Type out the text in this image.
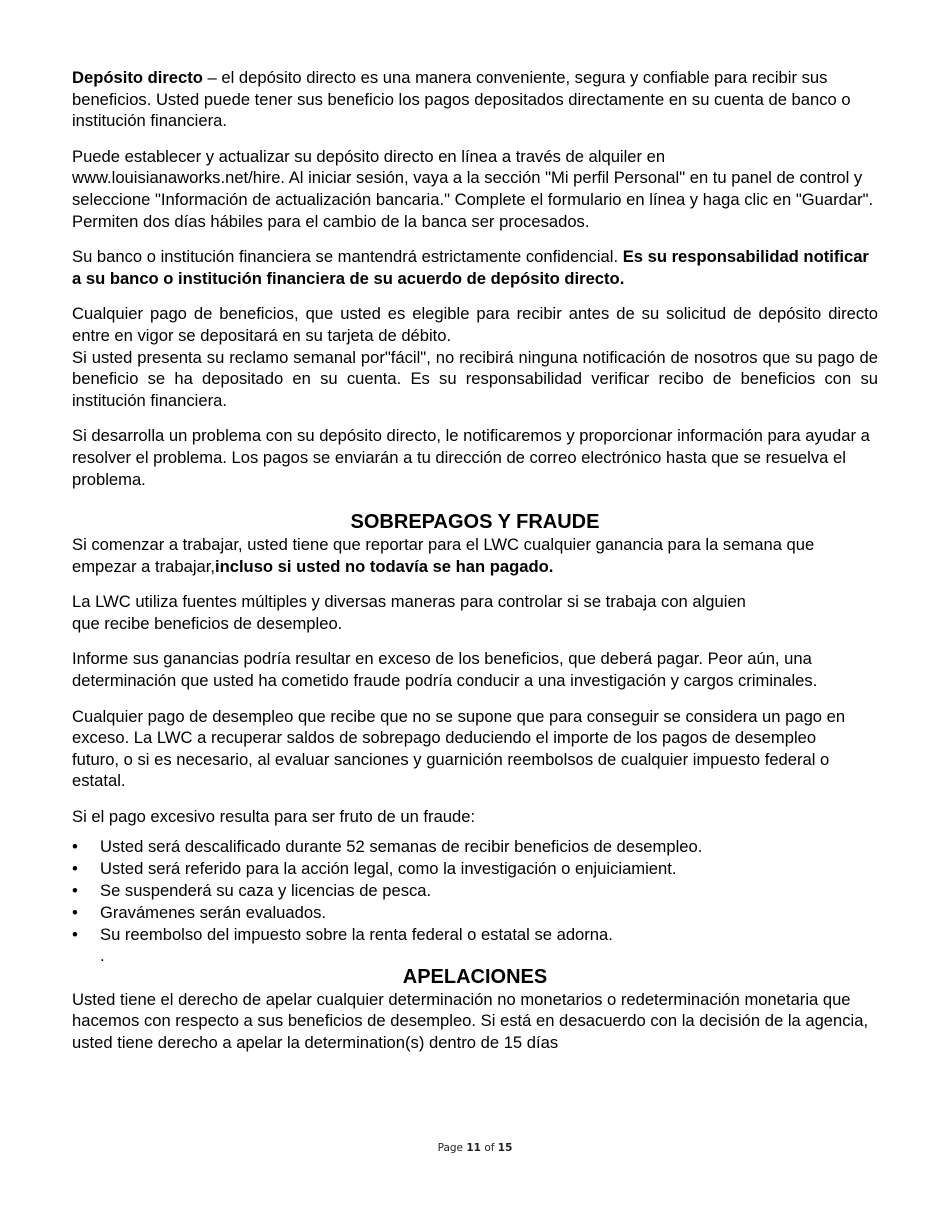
Depósito directo – el depósito directo es una manera conveniente, segura y confiable para recibir sus beneficios. Usted puede tener sus beneficio los pagos depositados directamente en su cuenta de banco o institución financiera.

Puede establecer y actualizar su depósito directo en línea a través de alquiler en www.louisianaworks.net/hire. Al iniciar sesión, vaya a la sección "Mi perfil Personal" en tu panel de control y seleccione "Información de actualización bancaria." Complete el formulario en línea y haga clic en "Guardar". Permiten dos días hábiles para el cambio de la banca ser procesados.

Su banco o institución financiera se mantendrá estrictamente confidencial. Es su responsabilidad notificar a su banco o institución financiera de su acuerdo de depósito directo.

Cualquier pago de beneficios, que usted es elegible para recibir antes de su solicitud de depósito directo entre en vigor se depositará en su tarjeta de débito.

Si usted presenta su reclamo semanal por"fácil", no recibirá ninguna notificación de nosotros que su pago de beneficio se ha depositado en su cuenta. Es su responsabilidad verificar recibo de beneficios con su institución financiera.

Si desarrolla un problema con su depósito directo, le notificaremos y proporcionar información para ayudar a resolver el problema. Los pagos se enviarán a tu dirección de correo electrónico hasta que se resuelva el problema.

SOBREPAGOS Y FRAUDE

Si comenzar a trabajar, usted tiene que reportar para el LWC cualquier ganancia para la semana que empezar a trabajar,incluso si usted no todavía se han pagado.

La LWC utiliza fuentes múltiples y diversas maneras para controlar si se trabaja con alguien que recibe beneficios de desempleo.

Informe sus ganancias podría resultar en exceso de los beneficios, que deberá pagar. Peor aún, una determinación que usted ha cometido fraude podría conducir a una investigación y cargos criminales.

Cualquier pago de desempleo que recibe que no se supone que para conseguir se considera un pago en exceso. La LWC a recuperar saldos de sobrepago deduciendo el importe de los pagos de desempleo futuro, o si es necesario, al evaluar sanciones y guarnición reembolsos de cualquier impuesto federal o estatal.

Si el pago excesivo resulta para ser fruto de un fraude:

• Usted será descalificado durante 52 semanas de recibir beneficios de desempleo.
• Usted será referido para la acción legal, como la investigación o enjuiciamient.
• Se suspenderá su caza y licencias de pesca.
• Gravámenes serán evaluados.
• Su reembolso del impuesto sobre la renta federal o estatal se adorna.
.
APELACIONES

Usted tiene el derecho de apelar cualquier determinación no monetarios o redeterminación monetaria que hacemos con respecto a sus beneficios de desempleo. Si está en desacuerdo con la decisión de la agencia, usted tiene derecho a apelar la determination(s) dentro de 15 días

Page 11 of 15
